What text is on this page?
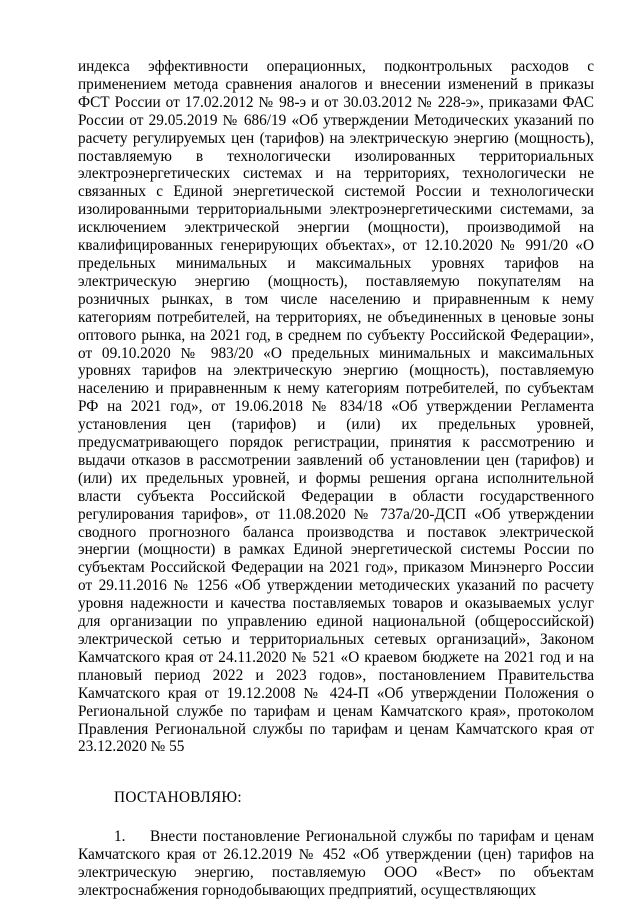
индекса эффективности операционных, подконтрольных расходов с применением метода сравнения аналогов и внесении изменений в приказы ФСТ России от 17.02.2012 № 98-э и от 30.03.2012 № 228-э», приказами ФАС России от 29.05.2019 № 686/19 «Об утверждении Методических указаний по расчету регулируемых цен (тарифов) на электрическую энергию (мощность), поставляемую в технологически изолированных территориальных электроэнергетических системах и на территориях, технологически не связанных с Единой энергетической системой России и технологически изолированными территориальными электроэнергетическими системами, за исключением электрической энергии (мощности), производимой на квалифицированных генерирующих объектах», от 12.10.2020 № 991/20 «О предельных минимальных и максимальных уровнях тарифов на электрическую энергию (мощность), поставляемую покупателям на розничных рынках, в том числе населению и приравненным к нему категориям потребителей, на территориях, не объединенных в ценовые зоны оптового рынка, на 2021 год, в среднем по субъекту Российской Федерации», от 09.10.2020 № 983/20 «О предельных минимальных и максимальных уровнях тарифов на электрическую энергию (мощность), поставляемую населению и приравненным к нему категориям потребителей, по субъектам РФ на 2021 год», от 19.06.2018 № 834/18 «Об утверждении Регламента установления цен (тарифов) и (или) их предельных уровней, предусматривающего порядок регистрации, принятия к рассмотрению и выдачи отказов в рассмотрении заявлений об установлении цен (тарифов) и (или) их предельных уровней, и формы решения органа исполнительной власти субъекта Российской Федерации в области государственного регулирования тарифов», от 11.08.2020 № 737а/20-ДСП «Об утверждении сводного прогнозного баланса производства и поставок электрической энергии (мощности) в рамках Единой энергетической системы России по субъектам Российской Федерации на 2021 год», приказом Минэнерго России от 29.11.2016 № 1256 «Об утверждении методических указаний по расчету уровня надежности и качества поставляемых товаров и оказываемых услуг для организации по управлению единой национальной (общероссийской) электрической сетью и территориальных сетевых организаций», Законом Камчатского края от 24.11.2020 № 521 «О краевом бюджете на 2021 год и на плановый период 2022 и 2023 годов», постановлением Правительства Камчатского края от 19.12.2008 № 424-П «Об утверждении Положения о Региональной службе по тарифам и ценам Камчатского края», протоколом Правления Региональной службы по тарифам и ценам Камчатского края от 23.12.2020 № 55

ПОСТАНОВЛЯЮ:

1. Внести постановление Региональной службы по тарифам и ценам Камчатского края от 26.12.2019 № 452 «Об утверждении (цен) тарифов на электрическую энергию, поставляемую ООО «Вест» по объектам электроснабжения горнодобывающих предприятий, осуществляющих
